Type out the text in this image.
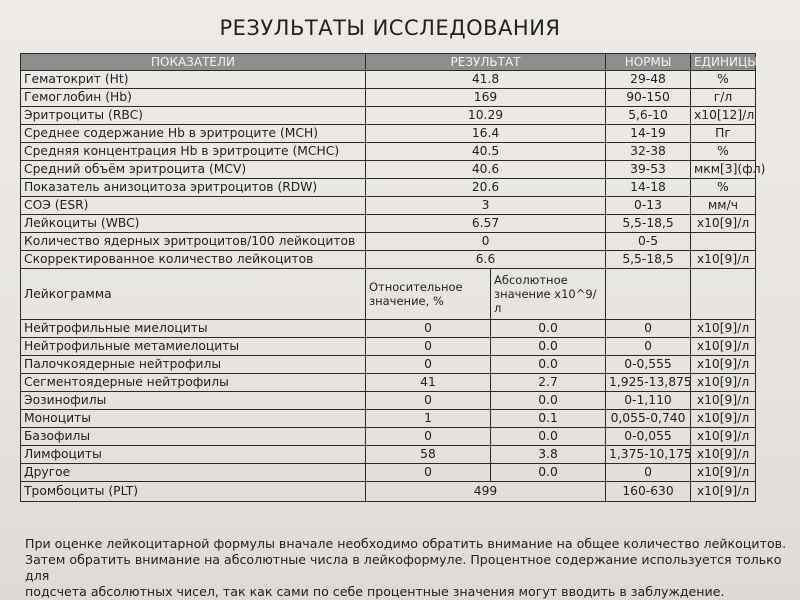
РЕЗУЛЬТАТЫ ИССЛЕДОВАНИЯ
ПОКАЗАТЕЛИ	РЕЗУЛЬТАТ		НОРМЫ	ЕДИНИЦЫ
Гематокрит (Ht)	41.8		29-48	%
Гемоглобин (Hb)	169		90-150	г/л
Эритроциты (RBC)	10.29		5,6-10	x10[12]/л
Среднее содержание Hb в эритроците (MCH)	16.4		14-19	Пг
Средняя концентрация Hb в эритроците (MCHC)	40.5		32-38	%
Средний объём эритроцита (MCV)	40.6		39-53	мкм[3](фл)
Показатель анизоцитоза эритроцитов (RDW)	20.6		14-18	%
СОЭ (ESR)	3		0-13	мм/ч
Лейкоциты (WBC)	6.57		5,5-18,5	x10[9]/л
Количество ядерных эритроцитов/100 лейкоцитов	0		0-5	
Скорректированное количество лейкоцитов	6.6		5,5-18,5	x10[9]/л
Лейкограмма	Относительное значение, %	Абсолютное значение x10^9/л		
Нейтрофильные миелоциты	0	0.0	0	x10[9]/л
Нейтрофильные метамиелоциты	0	0.0	0	x10[9]/л
Палочкоядерные нейтрофилы	0	0.0	0-0,555	x10[9]/л
Сегментоядерные нейтрофилы	41	2.7	1,925-13,875	x10[9]/л
Эозинофилы	0	0.0	0-1,110	x10[9]/л
Моноциты	1	0.1	0,055-0,740	x10[9]/л
Базофилы	0	0.0	0-0,055	x10[9]/л
Лимфоциты	58	3.8	1,375-10,175	x10[9]/л
Другое	0	0.0	0	x10[9]/л
Тромбоциты (PLT)	499		160-630	x10[9]/л

При оценке лейкоцитарной формулы вначале необходимо обратить внимание на общее количество лейкоцитов.

Затем обратить внимание на абсолютные числа в лейкоформуле. Процентное содержание используется только для

подсчета абсолютных чисел, так как сами по себе процентные значения могут вводить в заблуждение.
